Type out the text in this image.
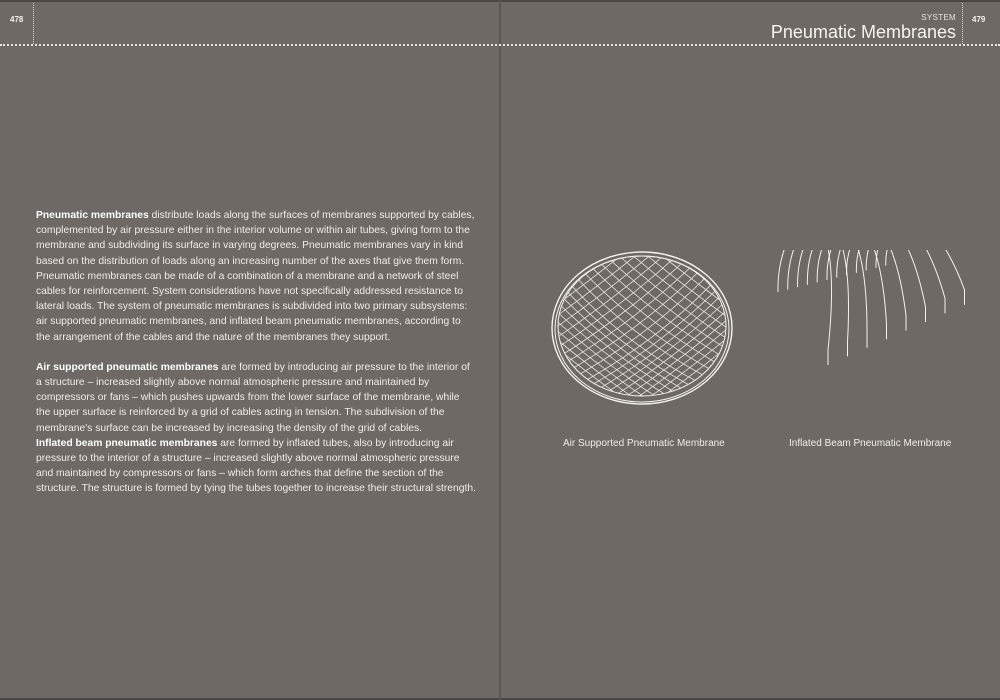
478	479
SYSTEM
Pneumatic Membranes

Pneumatic membranes distribute loads along the surfaces of membranes supported by cables, complemented by air pressure either in the interior volume or within air tubes, giving form to the membrane and subdividing its surface in varying degrees. Pneumatic membranes vary in kind based on the distribution of loads along an increasing number of the axes that give them form. Pneumatic membranes can be made of a combination of a membrane and a network of steel cables for reinforcement. System considerations have not specifically addressed resistance to lateral loads. The system of pneumatic membranes is subdivided into two primary subsystems: air supported pneumatic membranes, and inflated beam pneumatic membranes, according to the arrangement of the cables and the nature of the membranes they support.

Air supported pneumatic membranes are formed by introducing air pressure to the interior of a structure – increased slightly above normal atmospheric pressure and maintained by compressors or fans – which pushes upwards from the lower surface of the membrane, while the upper surface is reinforced by a grid of cables acting in tension. The subdivision of the membrane's surface can be increased by increasing the density of the grid of cables.

Inflated beam pneumatic membranes are formed by inflated tubes, also by introducing air pressure to the interior of a structure – increased slightly above normal atmospheric pressure and maintained by compressors or fans – which form arches that define the section of the structure. The structure is formed by tying the tubes together to increase their structural strength.

Air Supported Pneumatic Membrane	Inflated Beam Pneumatic Membrane
